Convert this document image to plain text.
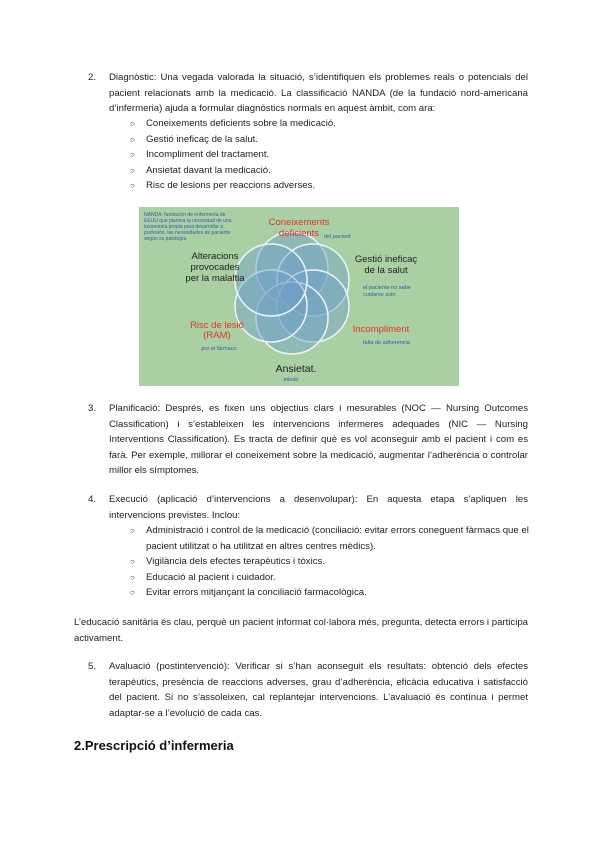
2. Diagnòstic: Una vegada valorada la situació, s’identifiquen els problemes reals o potencials del pacient relacionats amb la medicació. La classificació NANDA (de la fundació nord-americana d’infermeria) ajuda a formular diagnòstics normals en aquest àmbit, com ara:
○ Coneixements deficients sobre la medicació.
○ Gestió ineficaç de la salut.
○ Incompliment del tractament.
○ Ansietat davant la medicació.
○ Risc de lesions per reaccions adverses.
NANDA: fundación de enfermería de
EEUU que plantea la necesidad de una
taxonomía propia para desarrollar a
profesión, las necesidades de paciente
según su patología
Coneixements
deficients del pacient
Alteracions
provocades
per la malaltia
Gestió ineficaç
de la salut
el paciente no sabe
cuidarse solo
Risc de lesió
(RAM)
por el fármaco
Incompliment
falta de adherencia
Ansietat.
miedo
3. Planificació: Després, es fixen uns objectius clars i mesurables (NOC — Nursing Outcomes Classification) i s’estableixen les intervencions infermeres adequades (NIC — Nursing Interventions Classification). Es tracta de definir què es vol aconseguir amb el pacient i com es farà. Per exemple, millorar el coneixement sobre la medicació, augmentar l’adherència o controlar millor els símptomes.
4. Execució (aplicació d’intervencions a desenvolupar): En aquesta etapa s’apliquen les intervencions previstes. Inclou:
○ Administració i control de la medicació (conciliació: evitar errors coneguent fàrmacs que el pacient utilitzat o ha utilitzat en altres centres mèdics).
○ Vigilància dels efectes terapèutics i tòxics.
○ Educació al pacient i cuidador.
○ Evitar errors mitjançant la conciliació farmacològica.
L’educació sanitària és clau, perquè un pacient informat col·labora més, pregunta, detecta errors i participa activament.
5. Avaluació (postintervenció): Verificar si s’han aconseguit els resultats: obtenció dels efectes terapèutics, presència de reaccions adverses, grau d’adherència, eficàcia educativa i satisfacció del pacient. Si no s’assoleixen, cal replantejar intervencions. L’avaluació és contínua i permet adaptar-se a l’evolució de cada cas.
2.Prescripció d’infermeria
